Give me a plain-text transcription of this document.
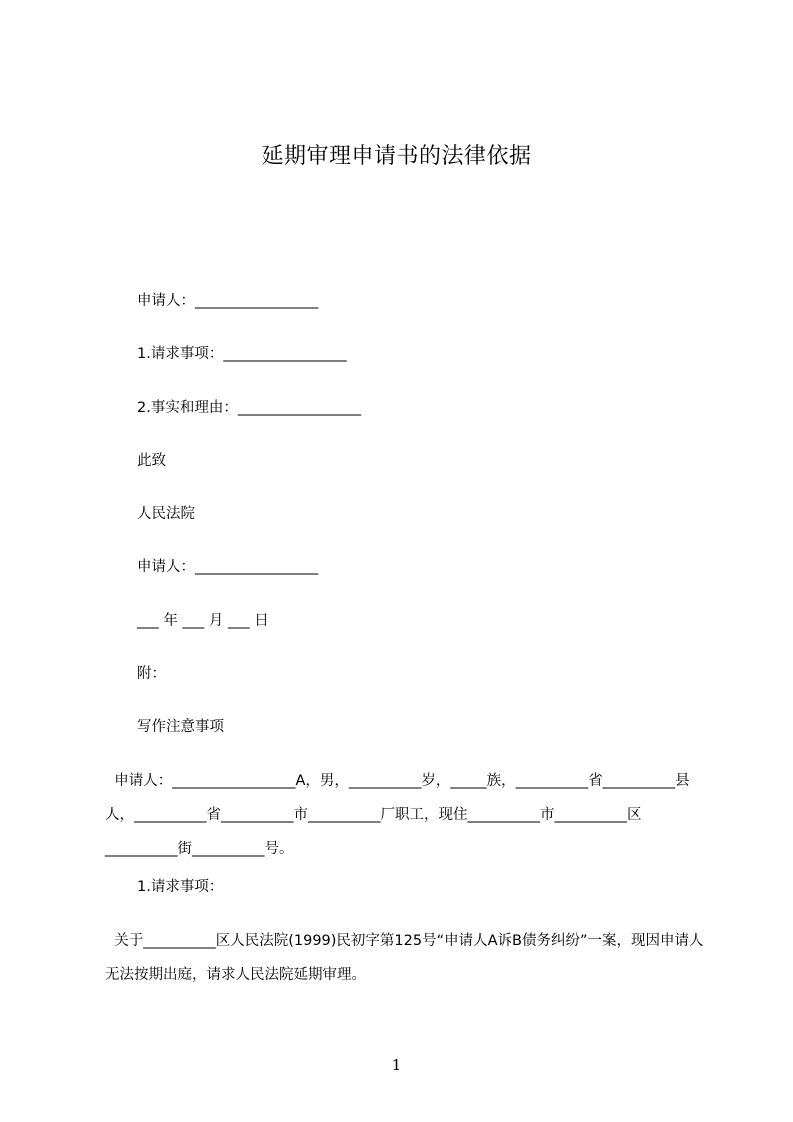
延期审理申请书的法律依据
申请人：_________________
1.请求事项：_________________
2.事实和理由：_________________
此致
人民法院
申请人：_________________
___ 年 ___ 月 ___ 日
附：
写作注意事项
申请人：_________________A，男，__________岁，_____族，__________省__________县人，__________省__________市__________厂职工，现住__________市__________区__________街__________号。
1.请求事项：
关于__________区人民法院(1999)民初字第125号“申请人A诉B债务纠纷”一案，现因申请人无法按期出庭，请求人民法院延期审理。
1
